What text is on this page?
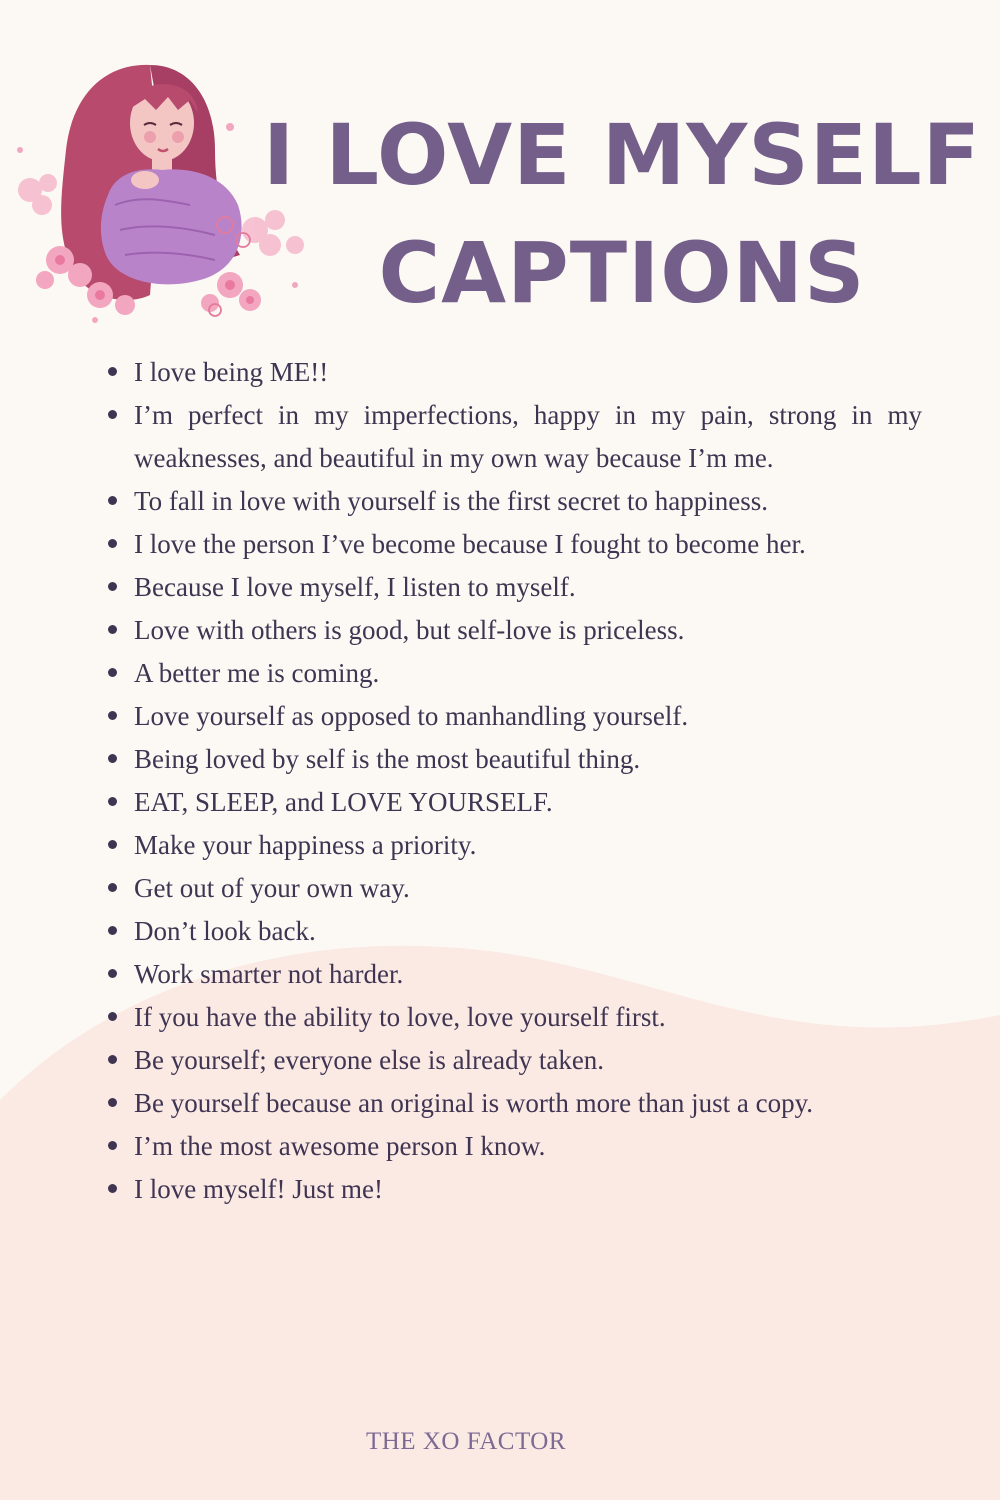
I LOVE MYSELF
CAPTIONS
I love being ME!!
I’m perfect in my imperfections, happy in my pain, strong in my weaknesses, and beautiful in my own way because I’m me.
To fall in love with yourself is the first secret to happiness.
I love the person I’ve become because I fought to become her.
Because I love myself, I listen to myself.
Love with others is good, but self-love is priceless.
A better me is coming.
Love yourself as opposed to manhandling yourself.
Being loved by self is the most beautiful thing.
EAT, SLEEP, and LOVE YOURSELF.
Make your happiness a priority.
Get out of your own way.
Don’t look back.
Work smarter not harder.
If you have the ability to love, love yourself first.
Be yourself; everyone else is already taken.
Be yourself because an original is worth more than just a copy.
I’m the most awesome person I know.
I love myself! Just me!
THE XO FACTOR
